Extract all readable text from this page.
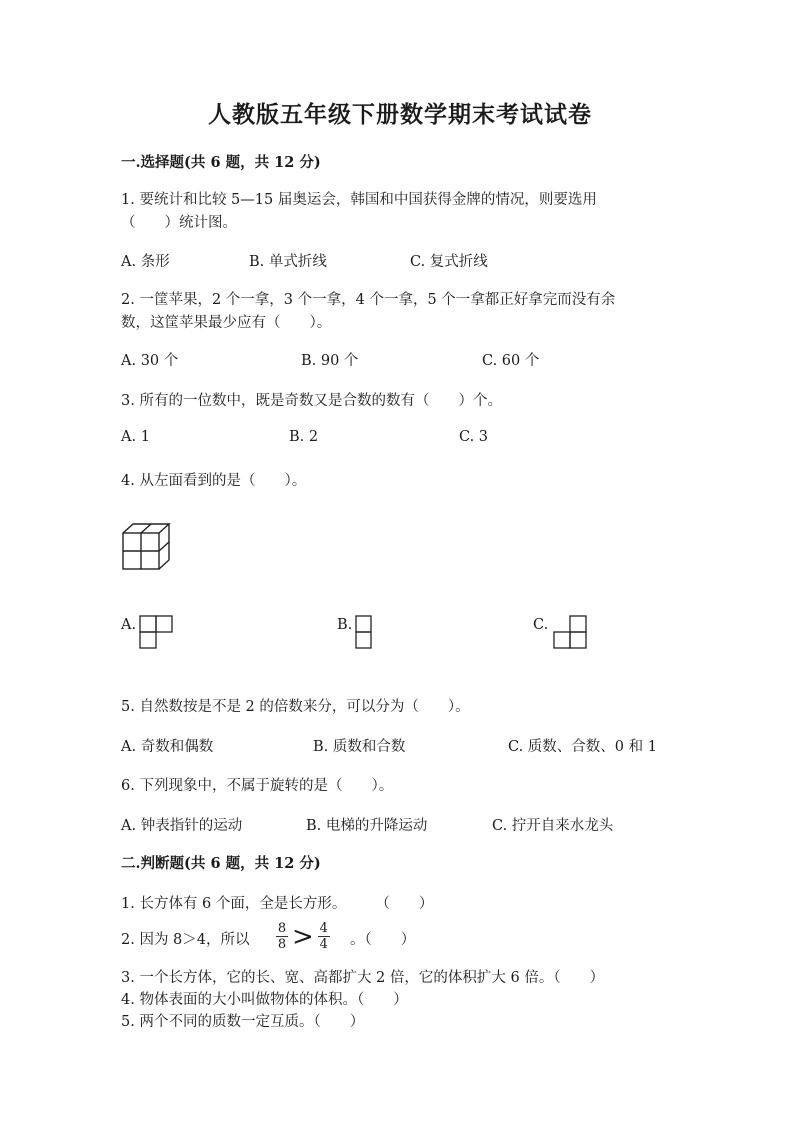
人教版五年级下册数学期末考试试卷
一.选择题(共 6 题，共 12 分)
1. 要统计和比较 5—15 届奥运会，韩国和中国获得金牌的情况，则要选用
（　　）统计图。
A. 条形	B. 单式折线	C. 复式折线
2. 一筐苹果，2 个一拿，3 个一拿，4 个一拿，5 个一拿都正好拿完而没有余
数，这筐苹果最少应有（　　）。
A. 30 个	B. 90 个	C. 60 个
3. 所有的一位数中，既是奇数又是合数的数有（　　）个。
A. 1	B. 2	C. 3
4. 从左面看到的是（　　）。
A.	B.	C.
5. 自然数按是不是 2 的倍数来分，可以分为（　　）。
A. 奇数和偶数	B. 质数和合数	C. 质数、合数、0 和 1
6. 下列现象中，不属于旋转的是（　　）。
A. 钟表指针的运动	B. 电梯的升降运动	C. 拧开自来水龙头
二.判断题(共 6 题，共 12 分)
1. 长方体有 6 个面，全是长方形。　　　（　　）
2. 因为 8＞4，所以 $\frac{8}{8} > \frac{4}{4}$ 。（　　）
3. 一个长方体，它的长、宽、高都扩大 2 倍，它的体积扩大 6 倍。（　　）
4. 物体表面的大小叫做物体的体积。（　　）
5. 两个不同的质数一定互质。（　　）
